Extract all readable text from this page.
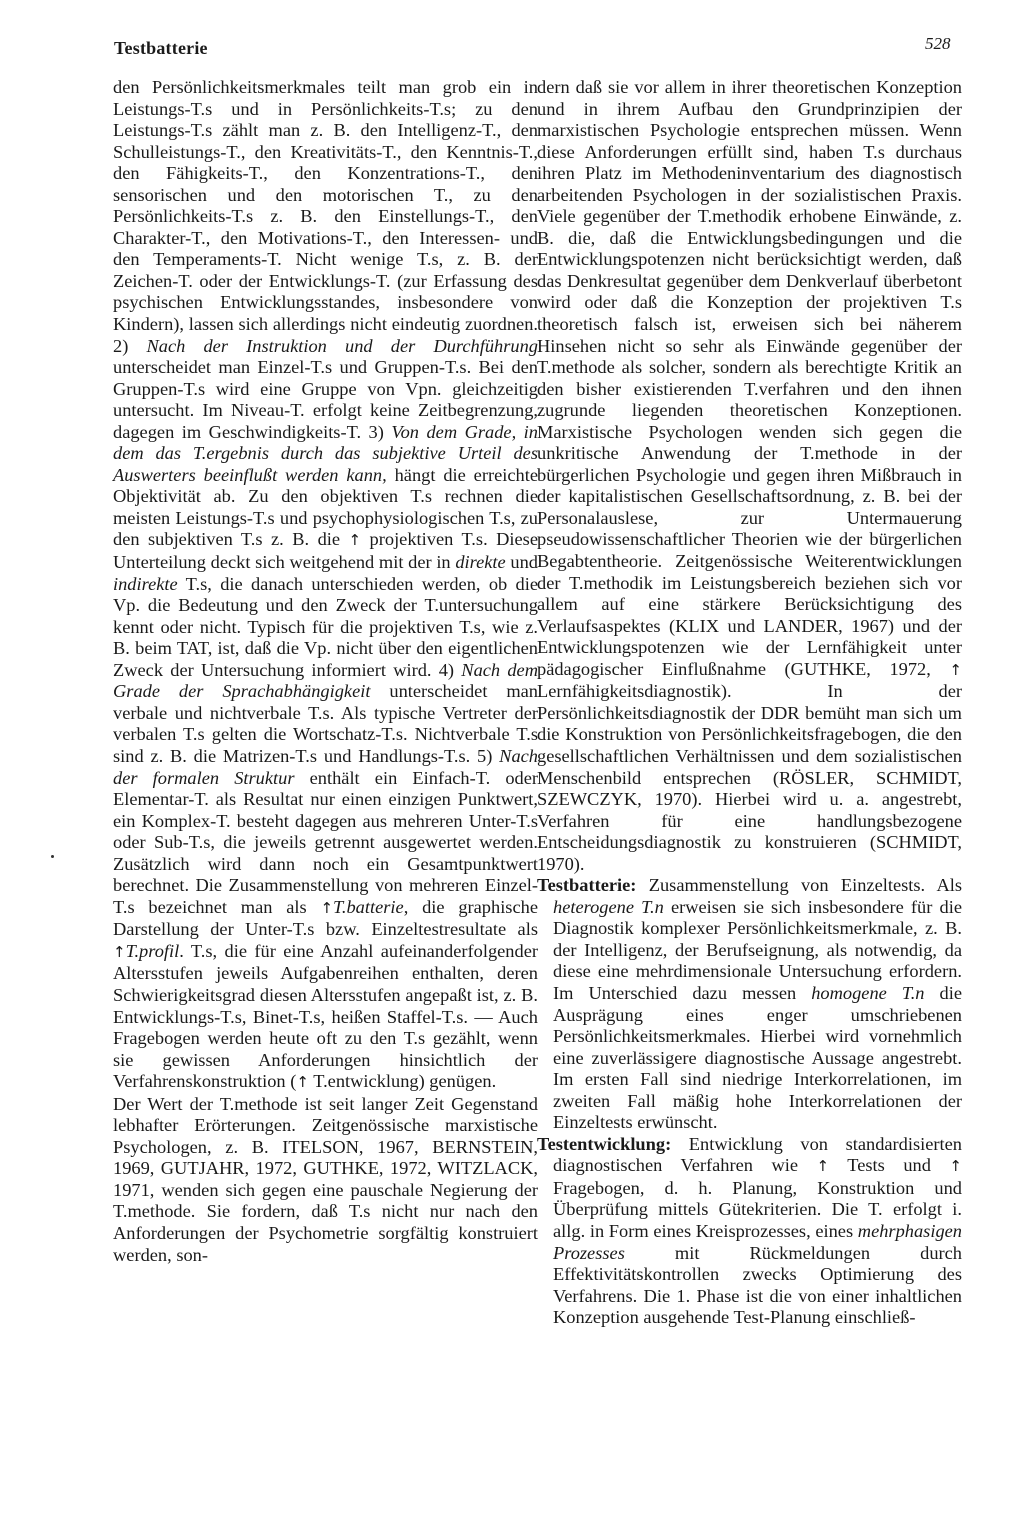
Testbatterie	528

den Persönlichkeitsmerkmales teilt man grob ein in Leistungs-T.s und in Persönlichkeits-T.s; zu den Leistungs-T.s zählt man z. B. den Intelligenz-T., den Schulleistungs-T., den Kreativitäts-T., den Kenntnis-T., den Fähigkeits-T., den Konzentrations-T., den sensorischen und den motorischen T., zu den Persönlichkeits-T.s z. B. den Einstellungs-T., den Charakter-T., den Motivations-T., den Interessen- und den Temperaments-T. Nicht wenige T.s, z. B. der Zeichen-T. oder der Entwicklungs-T. (zur Erfassung des psychischen Entwicklungsstandes, insbesondere von Kindern), lassen sich allerdings nicht eindeutig zuordnen. 2) Nach der Instruktion und der Durchführung unterscheidet man Einzel-T.s und Gruppen-T.s. Bei den Gruppen-T.s wird eine Gruppe von Vpn. gleichzeitig untersucht. Im Niveau-T. erfolgt keine Zeitbegrenzung, dagegen im Geschwindigkeits-T. 3) Von dem Grade, in dem das T.ergebnis durch das subjektive Urteil des Auswerters beeinflußt werden kann, hängt die erreichte Objektivität ab. Zu den objektiven T.s rechnen die meisten Leistungs-T.s und psychophysiologischen T.s, zu den subjektiven T.s z. B. die ↑ projektiven T.s. Diese Unterteilung deckt sich weitgehend mit der in direkte und indirekte T.s, die danach unterschieden werden, ob die Vp. die Bedeutung und den Zweck der T.untersuchung kennt oder nicht. Typisch für die projektiven T.s, wie z. B. beim TAT, ist, daß die Vp. nicht über den eigentlichen Zweck der Untersuchung informiert wird. 4) Nach dem Grade der Sprachabhängigkeit unterscheidet man verbale und nichtverbale T.s. Als typische Vertreter der verbalen T.s gelten die Wortschatz-T.s. Nichtverbale T.s sind z. B. die Matrizen-T.s und Handlungs-T.s. 5) Nach der formalen Struktur enthält ein Einfach-T. oder Elementar-T. als Resultat nur einen einzigen Punktwert, ein Komplex-T. besteht dagegen aus mehreren Unter-T.s oder Sub-T.s, die jeweils getrennt ausgewertet werden. Zusätzlich wird dann noch ein Gesamtpunktwert berechnet. Die Zusammenstellung von mehreren Einzel-T.s bezeichnet man als ↑T.batterie, die graphische Darstellung der Unter-T.s bzw. Einzeltestresultate als ↑T.profil. T.s, die für eine Anzahl aufeinanderfolgender Altersstufen jeweils Aufgabenreihen enthalten, deren Schwierigkeitsgrad diesen Altersstufen angepaßt ist, z. B. Entwicklungs-T.s, Binet-T.s, heißen Staffel-T.s. — Auch Fragebogen werden heute oft zu den T.s gezählt, wenn sie gewissen Anforderungen hinsichtlich der Verfahrenskonstruktion (↑ T.entwicklung) genügen.

Der Wert der T.methode ist seit langer Zeit Gegenstand lebhafter Erörterungen. Zeitgenössische marxistische Psychologen, z. B. ITELSON, 1967, BERNSTEIN, 1969, GUTJAHR, 1972, GUTHKE, 1972, WITZLACK, 1971, wenden sich gegen eine pauschale Negierung der T.methode. Sie fordern, daß T.s nicht nur nach den Anforderungen der Psychometrie sorgfältig konstruiert werden, son-

dern daß sie vor allem in ihrer theoretischen Konzeption und in ihrem Aufbau den Grundprinzipien der marxistischen Psychologie entsprechen müssen. Wenn diese Anforderungen erfüllt sind, haben T.s durchaus ihren Platz im Methodeninventarium des diagnostisch arbeitenden Psychologen in der sozialistischen Praxis. Viele gegenüber der T.methodik erhobene Einwände, z. B. die, daß die Entwicklungsbedingungen und die Entwicklungspotenzen nicht berücksichtigt werden, daß das Denkresultat gegenüber dem Denkverlauf überbetont wird oder daß die Konzeption der projektiven T.s theoretisch falsch ist, erweisen sich bei näherem Hinsehen nicht so sehr als Einwände gegenüber der T.methode als solcher, sondern als berechtigte Kritik an den bisher existierenden T.verfahren und den ihnen zugrunde liegenden theoretischen Konzeptionen. Marxistische Psychologen wenden sich gegen die unkritische Anwendung der T.methode in der bürgerlichen Psychologie und gegen ihren Mißbrauch in der kapitalistischen Gesellschaftsordnung, z. B. bei der Personalauslese, zur Untermauerung pseudowissenschaftlicher Theorien wie der bürgerlichen Begabtentheorie. Zeitgenössische Weiterentwicklungen der T.methodik im Leistungsbereich beziehen sich vor allem auf eine stärkere Berücksichtigung des Verlaufsaspektes (KLIX und LANDER, 1967) und der Entwicklungspotenzen wie der Lernfähigkeit unter pädagogischer Einflußnahme (GUTHKE, 1972, ↑ Lernfähigkeitsdiagnostik). In der Persönlichkeitsdiagnostik der DDR bemüht man sich um die Konstruktion von Persönlichkeitsfragebogen, die den gesellschaftlichen Verhältnissen und dem sozialistischen Menschenbild entsprechen (RÖSLER, SCHMIDT, SZEWCZYK, 1970). Hierbei wird u. a. angestrebt, Verfahren für eine handlungsbezogene Entscheidungsdiagnostik zu konstruieren (SCHMIDT, 1970).

Testbatterie: Zusammenstellung von Einzeltests. Als heterogene T.n erweisen sie sich insbesondere für die Diagnostik komplexer Persönlichkeitsmerkmale, z. B. der Intelligenz, der Berufseignung, als notwendig, da diese eine mehrdimensionale Untersuchung erfordern. Im Unterschied dazu messen homogene T.n die Ausprägung eines enger umschriebenen Persönlichkeitsmerkmales. Hierbei wird vornehmlich eine zuverlässigere diagnostische Aussage angestrebt. Im ersten Fall sind niedrige Interkorrelationen, im zweiten Fall mäßig hohe Interkorrelationen der Einzeltests erwünscht.

Testentwicklung: Entwicklung von standardisierten diagnostischen Verfahren wie ↑ Tests und ↑ Fragebogen, d. h. Planung, Konstruktion und Überprüfung mittels Gütekriterien. Die T. erfolgt i. allg. in Form eines Kreisprozesses, eines mehrphasigen Prozesses mit Rückmeldungen durch Effektivitätskontrollen zwecks Optimierung des Verfahrens. Die 1. Phase ist die von einer inhaltlichen Konzeption ausgehende Test-Planung einschließ-
